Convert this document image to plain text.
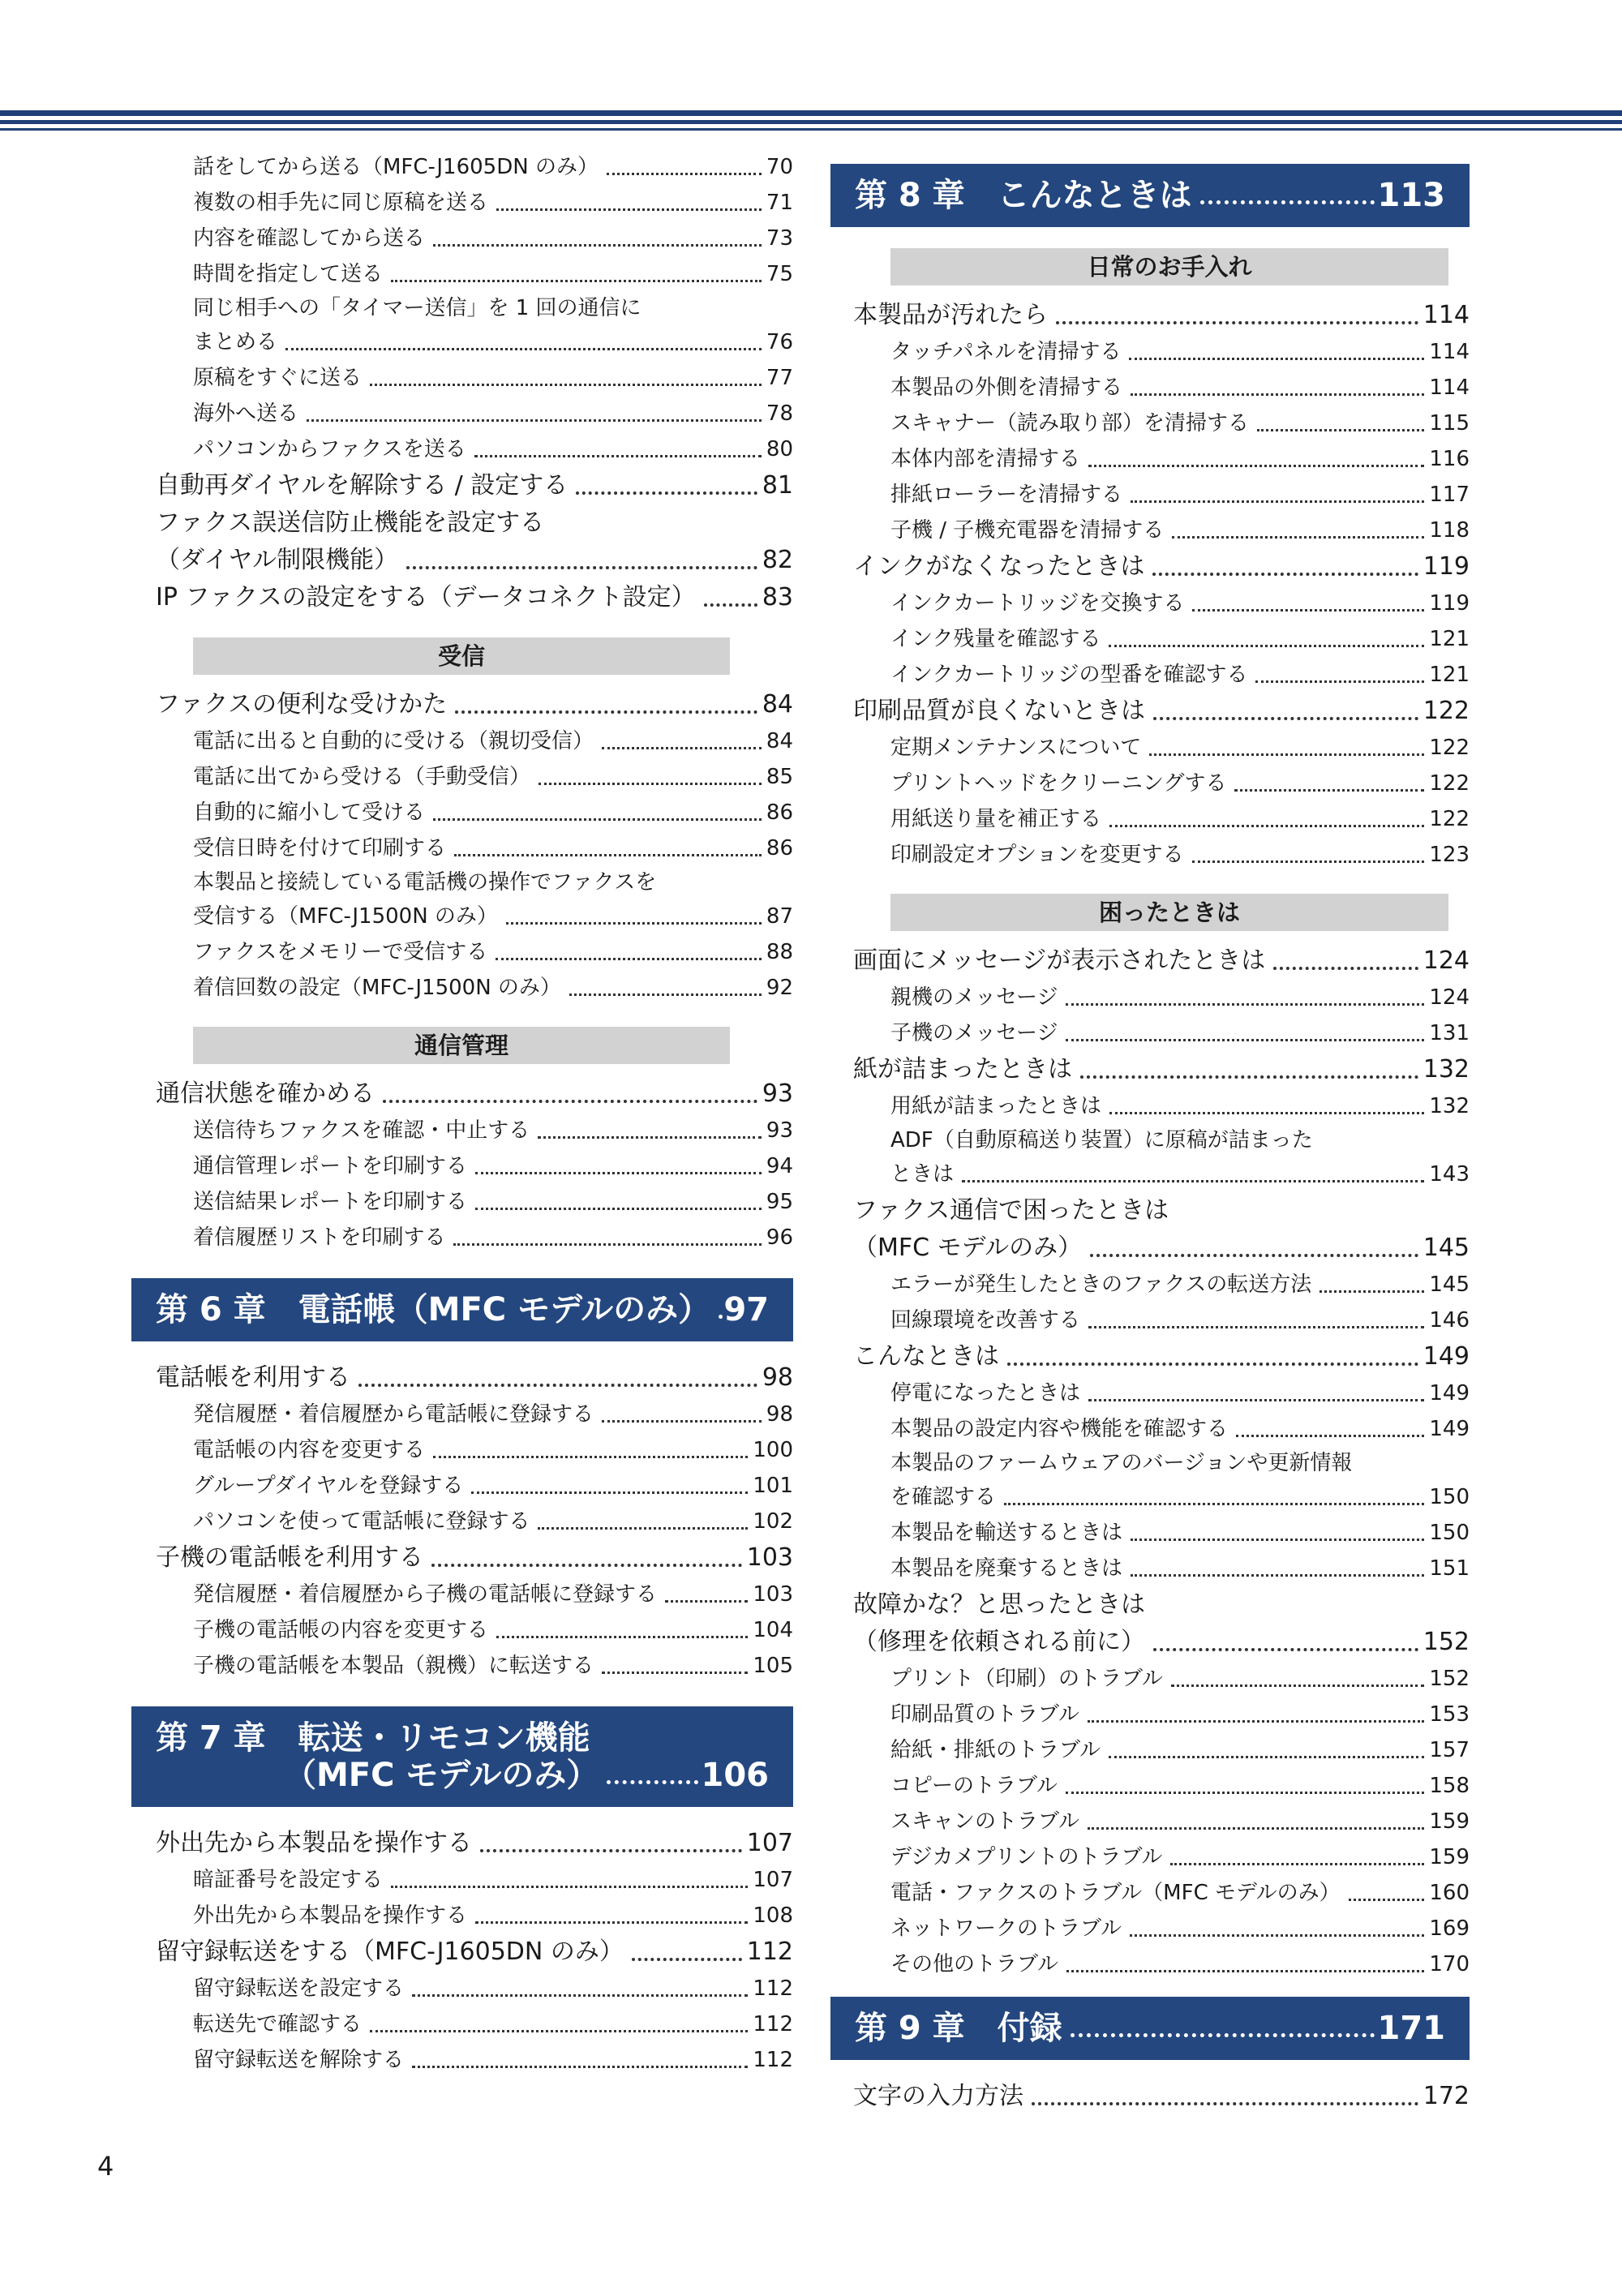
話をしてから送る（MFC-J1605DN のみ）	70
複数の相手先に同じ原稿を送る	71
内容を確認してから送る	73
時間を指定して送る	75
同じ相手への「タイマー送信」を 1 回の通信に
まとめる	76
原稿をすぐに送る	77
海外へ送る	78
パソコンからファクスを送る	80
自動再ダイヤルを解除する / 設定する	81
ファクス誤送信防止機能を設定する
（ダイヤル制限機能）	82
IP ファクスの設定をする（データコネクト設定）	83
受信
ファクスの便利な受けかた	84
電話に出ると自動的に受ける（親切受信）	84
電話に出てから受ける（手動受信）	85
自動的に縮小して受ける	86
受信日時を付けて印刷する	86
本製品と接続している電話機の操作でファクスを
受信する（MFC-J1500N のみ）	87
ファクスをメモリーで受信する	88
着信回数の設定（MFC-J1500N のみ）	92
通信管理
通信状態を確かめる	93
送信待ちファクスを確認・中止する	93
通信管理レポートを印刷する	94
送信結果レポートを印刷する	95
着信履歴リストを印刷する	96
第 6 章　電話帳（MFC モデルのみ） 97
電話帳を利用する	98
発信履歴・着信履歴から電話帳に登録する	98
電話帳の内容を変更する	100
グループダイヤルを登録する	101
パソコンを使って電話帳に登録する	102
子機の電話帳を利用する	103
発信履歴・着信履歴から子機の電話帳に登録する	103
子機の電話帳の内容を変更する	104
子機の電話帳を本製品（親機）に転送する	105
第 7 章　転送・リモコン機能
（MFC モデルのみ）	106
外出先から本製品を操作する	107
暗証番号を設定する	107
外出先から本製品を操作する	108
留守録転送をする（MFC-J1605DN のみ）	112
留守録転送を設定する	112
転送先で確認する	112
留守録転送を解除する	112
第 8 章　こんなときは	113
日常のお手入れ
本製品が汚れたら	114
タッチパネルを清掃する	114
本製品の外側を清掃する	114
スキャナー（読み取り部）を清掃する	115
本体内部を清掃する	116
排紙ローラーを清掃する	117
子機 / 子機充電器を清掃する	118
インクがなくなったときは	119
インクカートリッジを交換する	119
インク残量を確認する	121
インクカートリッジの型番を確認する	121
印刷品質が良くないときは	122
定期メンテナンスについて	122
プリントヘッドをクリーニングする	122
用紙送り量を補正する	122
印刷設定オプションを変更する	123
困ったときは
画面にメッセージが表示されたときは	124
親機のメッセージ	124
子機のメッセージ	131
紙が詰まったときは	132
用紙が詰まったときは	132
ADF（自動原稿送り装置）に原稿が詰まった
ときは	143
ファクス通信で困ったときは
（MFC モデルのみ）	145
エラーが発生したときのファクスの転送方法	145
回線環境を改善する	146
こんなときは	149
停電になったときは	149
本製品の設定内容や機能を確認する	149
本製品のファームウェアのバージョンや更新情報
を確認する	150
本製品を輸送するときは	150
本製品を廃棄するときは	151
故障かな？と思ったときは
（修理を依頼される前に）	152
プリント（印刷）のトラブル	152
印刷品質のトラブル	153
給紙・排紙のトラブル	157
コピーのトラブル	158
スキャンのトラブル	159
デジカメプリントのトラブル	159
電話・ファクスのトラブル（MFC モデルのみ）	160
ネットワークのトラブル	169
その他のトラブル	170
第 9 章　付録	171
文字の入力方法	172
4
